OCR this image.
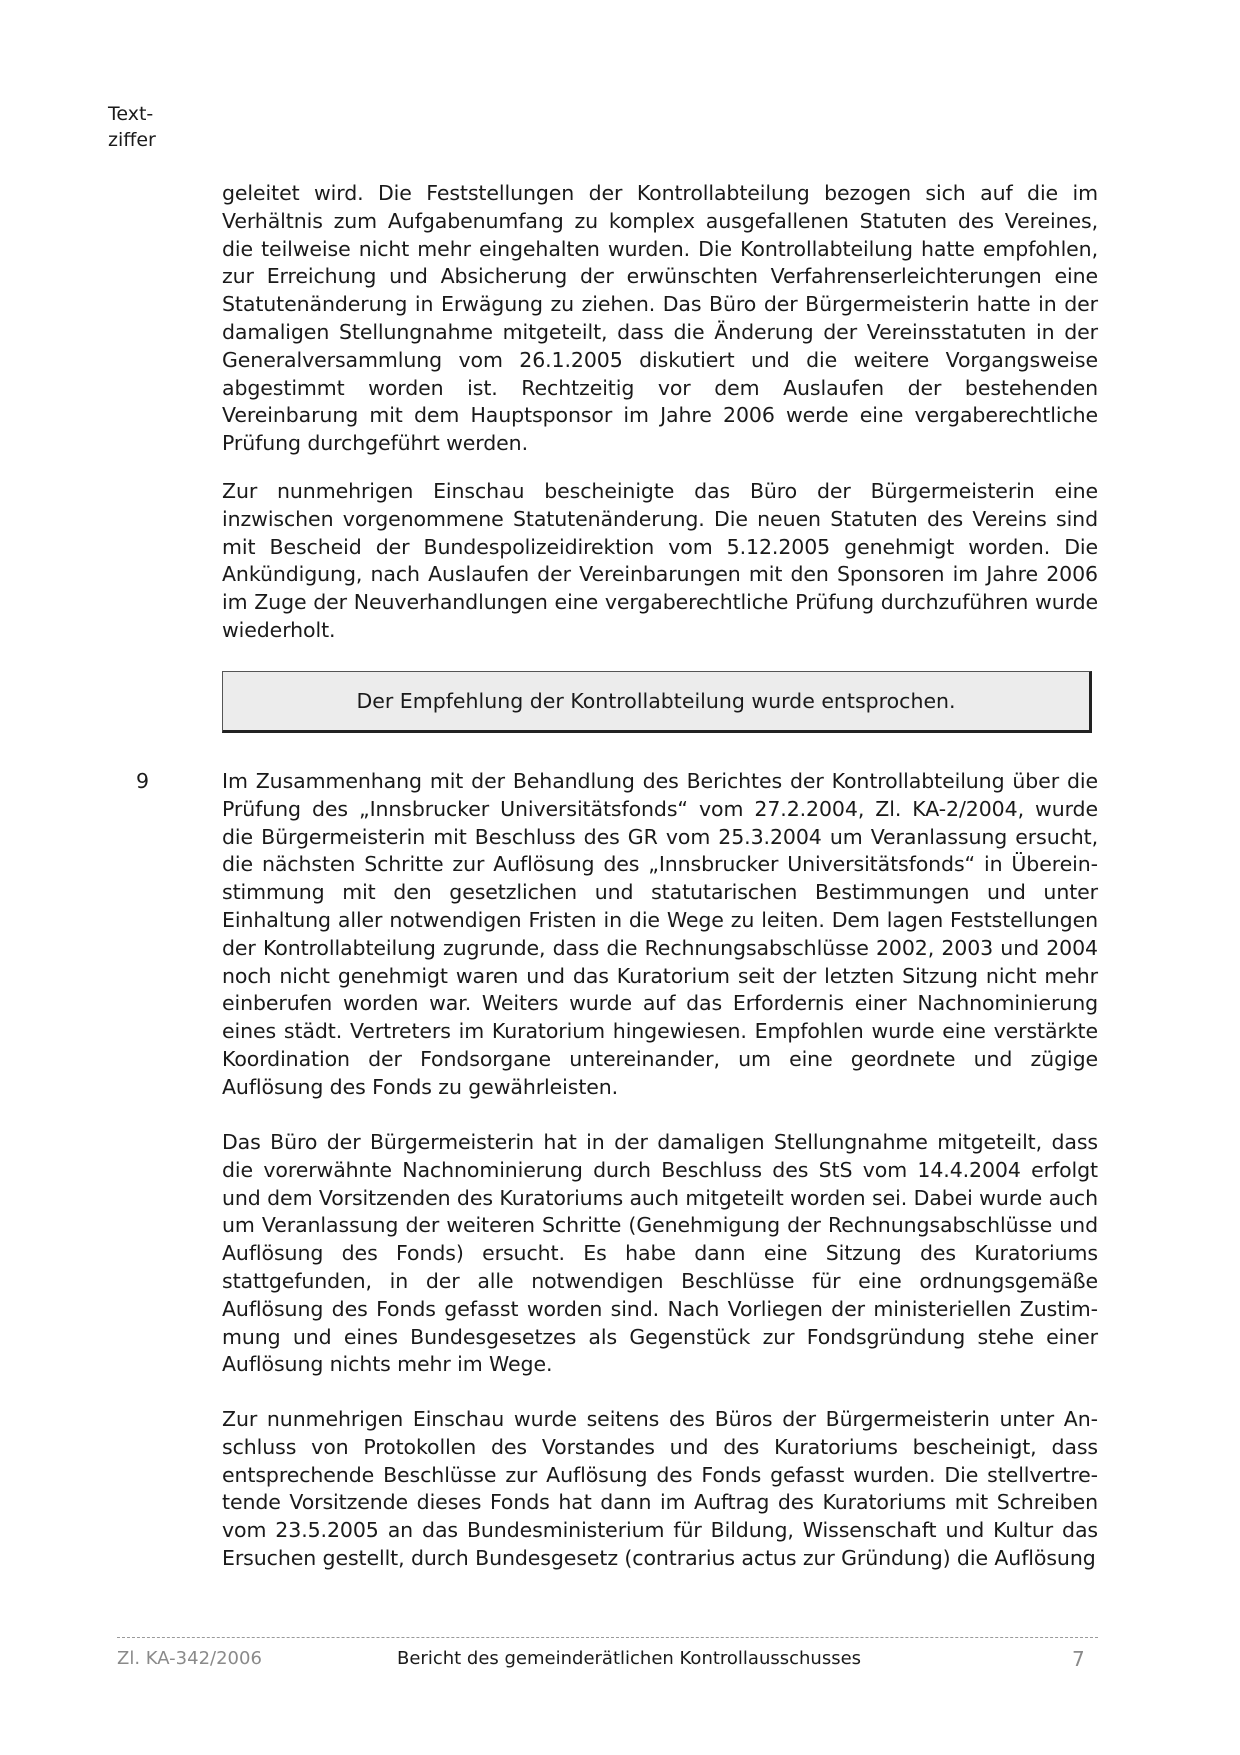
Text-
ziffer

geleitet wird. Die Feststellungen der Kontrollabteilung bezogen sich auf die im Verhältnis zum Aufgabenumfang zu komplex ausgefallenen Statuten des Vereines, die teilweise nicht mehr eingehalten wurden. Die Kontrollabteilung hatte empfohlen, zur Erreichung und Absicherung der erwünschten Verfahrenserleichterungen eine Statutenänderung in Erwägung zu ziehen. Das Büro der Bürgermeisterin hatte in der damaligen Stellungnahme mitgeteilt, dass die Änderung der Vereinsstatuten in der Generalversammlung vom 26.1.2005 diskutiert und die weitere Vorgangsweise abgestimmt worden ist. Rechtzeitig vor dem Auslaufen der bestehenden Vereinbarung mit dem Hauptsponsor im Jahre 2006 werde eine vergaberechtliche Prüfung durchgeführt werden.

Zur nunmehrigen Einschau bescheinigte das Büro der Bürgermeisterin eine inzwischen vorgenommene Statutenänderung. Die neuen Statuten des Vereins sind mit Bescheid der Bundespolizeidirektion vom 5.12.2005 genehmigt worden. Die Ankündigung, nach Auslaufen der Vereinbarungen mit den Sponsoren im Jahre 2006 im Zuge der Neuverhandlungen eine vergaberechtliche Prüfung durchzuführen wurde wiederholt.

Der Empfehlung der Kontrollabteilung wurde entsprochen.
9	Im Zusammenhang mit der Behandlung des Berichtes der Kontrollabteilung über die Prüfung des „Innsbrucker Universitätsfonds“ vom 27.2.2004, Zl. KA-2/2004, wurde die Bürgermeisterin mit Beschluss des GR vom 25.3.2004 um Veranlassung ersucht, die nächsten Schritte zur Auflösung des „Innsbrucker Universitätsfonds“ in Übereinstimmung mit den gesetzlichen und statutarischen Bestimmungen und unter Einhaltung aller notwendigen Fristen in die Wege zu leiten. Dem lagen Feststellungen der Kontrollabteilung zugrunde, dass die Rechnungsabschlüsse 2002, 2003 und 2004 noch nicht genehmigt waren und das Kuratorium seit der letzten Sitzung nicht mehr einberufen worden war. Weiters wurde auf das Erfordernis einer Nachnominierung eines städt. Vertreters im Kuratorium hingewiesen. Empfohlen wurde eine verstärkte Koordination der Fondsorgane untereinander, um eine geordnete und zügige Auflösung des Fonds zu gewährleisten.

Das Büro der Bürgermeisterin hat in der damaligen Stellungnahme mitgeteilt, dass die vorerwähnte Nachnominierung durch Beschluss des StS vom 14.4.2004 erfolgt und dem Vorsitzenden des Kuratoriums auch mitgeteilt worden sei. Dabei wurde auch um Veranlassung der weiteren Schritte (Genehmigung der Rechnungsabschlüsse und Auflösung des Fonds) ersucht. Es habe dann eine Sitzung des Kuratoriums stattgefunden, in der alle notwendigen Beschlüsse für eine ordnungsgemäße Auflösung des Fonds gefasst worden sind. Nach Vorliegen der ministeriellen Zustimmung und eines Bundesgesetzes als Gegenstück zur Fondsgründung stehe einer Auflösung nichts mehr im Wege.

Zur nunmehrigen Einschau wurde seitens des Büros der Bürgermeisterin unter Anschluss von Protokollen des Vorstandes und des Kuratoriums bescheinigt, dass entsprechende Beschlüsse zur Auflösung des Fonds gefasst wurden. Die stellvertretende Vorsitzende dieses Fonds hat dann im Auftrag des Kuratoriums mit Schreiben vom 23.5.2005 an das Bundesministerium für Bildung, Wissenschaft und Kultur das Ersuchen gestellt, durch Bundesgesetz (contrarius actus zur Gründung) die Auflösung

Zl. KA-342/2006	Bericht des gemeinderätlichen Kontrollausschusses	7
